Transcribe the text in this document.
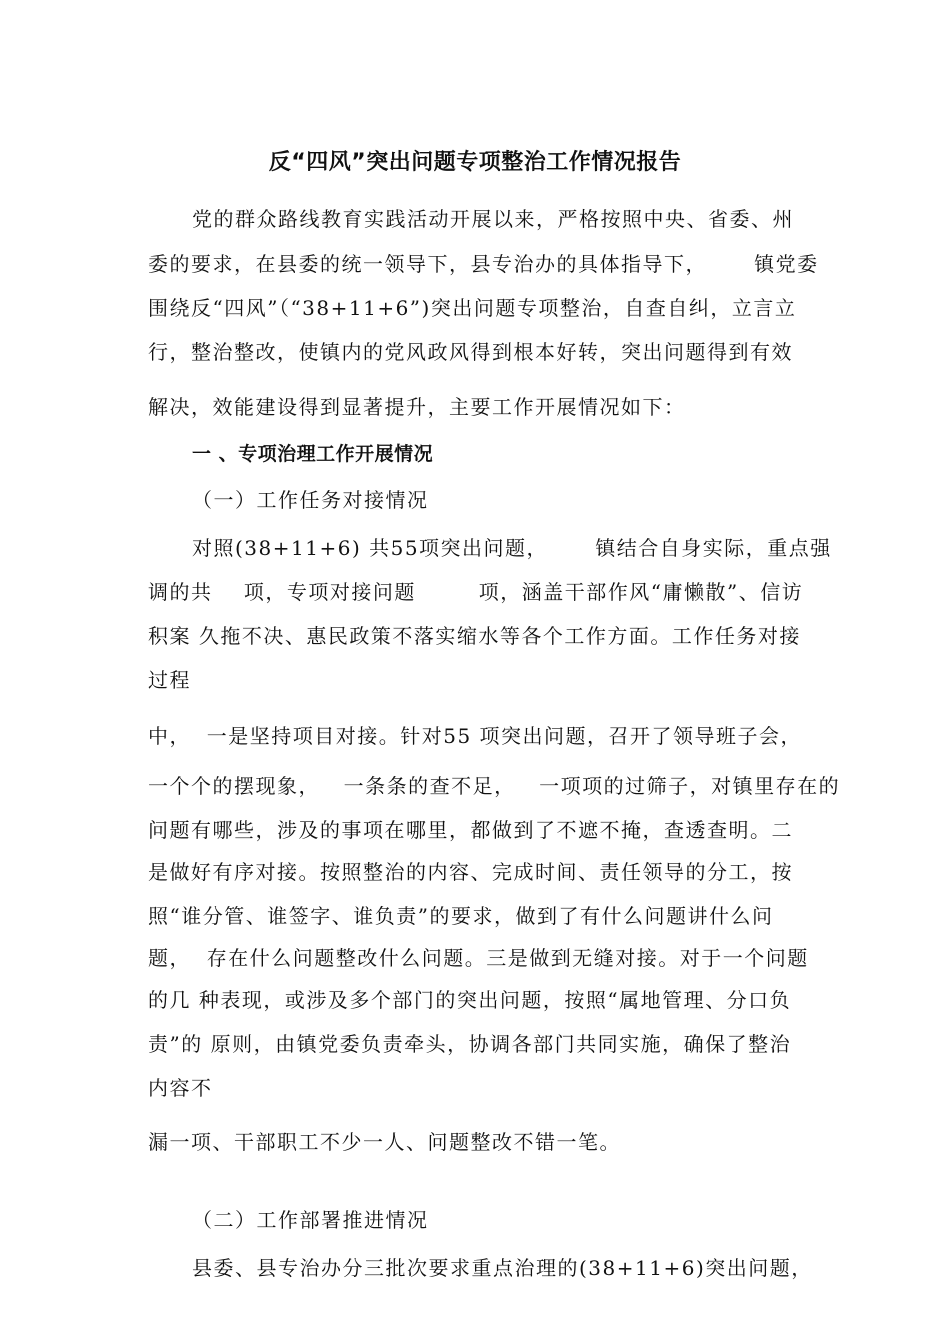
反“四风”突出问题专项整治工作情况报告
党的群众路线教育实践活动开展以来，严格按照中央、省委、州
委的要求，在县委的统一领导下，县专治办的具体指导下，      镇党委
围绕反“四风”（“38+11+6”)突出问题专项整治，自查自纠，立言立
行，整治整改，使镇内的党风政风得到根本好转，突出问题得到有效
解决，效能建设得到显著提升，主要工作开展情况如下：
一 、专项治理工作开展情况
（一）工作任务对接情况
对照(38+11+6) 共55项突出问题，      镇结合自身实际，重点强
调的共    项，专项对接问题        项，涵盖干部作风“庸懒散”、信访
积案 久拖不决、惠民政策不落实缩水等各个工作方面。工作任务对接
过程
中，  一是坚持项目对接。针对55 项突出问题，召开了领导班子会，
一个个的摆现象，   一条条的查不足，   一项项的过筛子，对镇里存在的
问题有哪些，涉及的事项在哪里，都做到了不遮不掩，查透查明。二
是做好有序对接。按照整治的内容、完成时间、责任领导的分工，按
照“谁分管、谁签字、谁负责”的要求，做到了有什么问题讲什么问
题，  存在什么问题整改什么问题。三是做到无缝对接。对于一个问题
的几 种表现，或涉及多个部门的突出问题，按照“属地管理、分口负
责”的 原则，由镇党委负责牵头，协调各部门共同实施，确保了整治
内容不
漏一项、干部职工不少一人、问题整改不错一笔。
（二）工作部署推进情况
县委、县专治办分三批次要求重点治理的(38+11+6)突出问题，
